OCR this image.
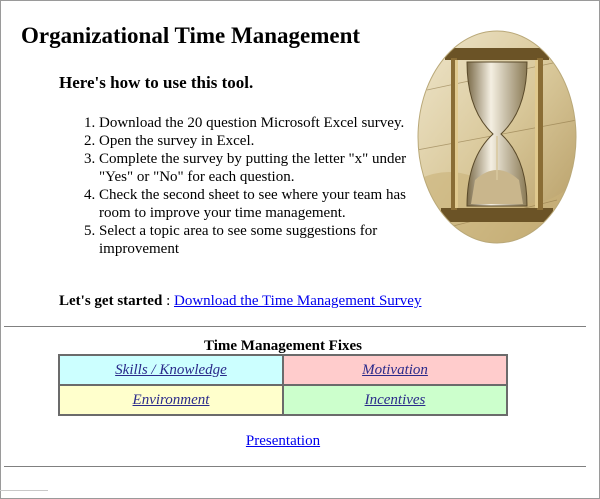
Organizational Time Management
Here's how to use this tool.
1. Download the 20 question Microsoft Excel survey.
2. Open the survey in Excel.
3. Complete the survey by putting the letter "x" under "Yes" or "No" for each question.
4. Check the second sheet to see where your team has room to improve your time management.
5. Select a topic area to see some suggestions for improvement
Let's get started : Download the Time Management Survey
Time Management Fixes
Skills / Knowledge	Motivation
Environment	Incentives
Presentation
